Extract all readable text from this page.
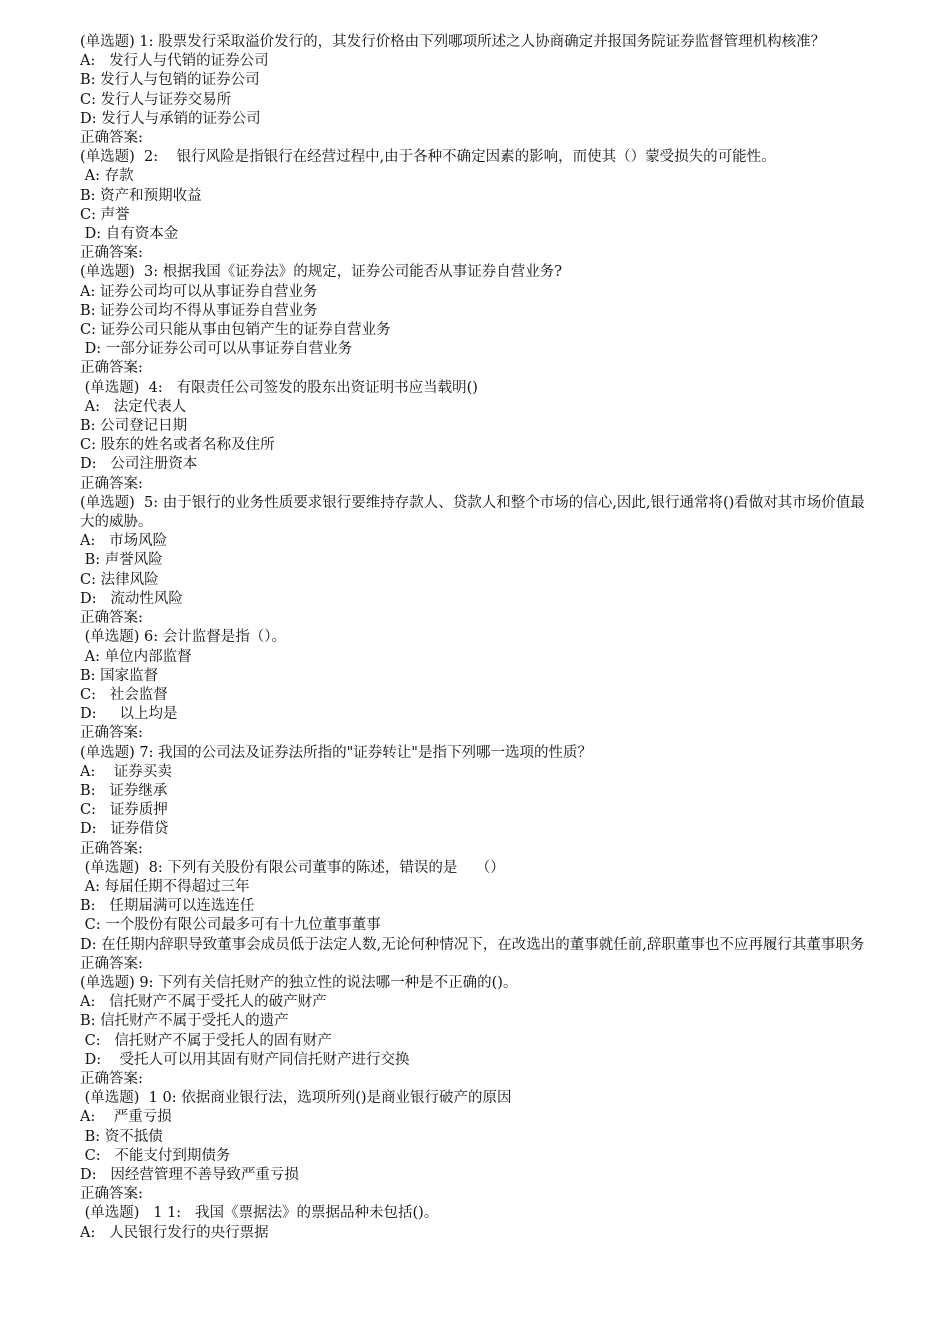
(单选题) 1: 股票发行采取溢价发行的，其发行价格由下列哪项所述之人协商确定并报国务院证券监督管理机构核准？
A:   发行人与代销的证券公司
B: 发行人与包销的证券公司
C: 发行人与证券交易所
D: 发行人与承销的证券公司
正确答案:
(单选题)  2:    银行风险是指银行在经营过程中,由于各种不确定因素的影响，而使其（）蒙受损失的可能性。
A: 存款
B: 资产和预期收益
C: 声誉
D: 自有资本金
正确答案:
(单选题)  3: 根据我国《证券法》的规定，证券公司能否从事证券自营业务?
A: 证券公司均可以从事证券自营业务
B: 证券公司均不得从事证券自营业务
C: 证券公司只能从事由包销产生的证券自营业务
D: 一部分证券公司可以从事证券自营业务
正确答案:
(单选题)  4:   有限责任公司签发的股东出资证明书应当载明()
A:   法定代表人
B: 公司登记日期
C: 股东的姓名或者名称及住所
D:   公司注册资本
正确答案:
(单选题)  5: 由于银行的业务性质要求银行要维持存款人、贷款人和整个市场的信心,因此,银行通常将()看做对其市场价值最大的威胁。
A:   市场风险
B: 声誉风险
C: 法律风险
D:   流动性风险
正确答案:
(单选题) 6: 会计监督是指（）。
A: 单位内部监督
B: 国家监督
C:   社会监督
D:     以上均是
正确答案:
(单选题) 7: 我国的公司法及证券法所指的"证券转让"是指下列哪一选项的性质？
A:    证券买卖
B:   证券继承
C:   证券质押
D:   证券借贷
正确答案:
(单选题)  8: 下列有关股份有限公司董事的陈述，错误的是    （）
A: 每届任期不得超过三年
B:   任期届满可以连选连任
C: 一个股份有限公司最多可有十九位董事董事
D: 在任期内辞职导致董事会成员低于法定人数,无论何种情况下，在改选出的董事就任前,辞职董事也不应再履行其董事职务
正确答案:
(单选题) 9: 下列有关信托财产的独立性的说法哪一种是不正确的()。
A:   信托财产不属于受托人的破产财产
B: 信托财产不属于受托人的遗产
C:   信托财产不属于受托人的固有财产
D:    受托人可以用其固有财产同信托财产进行交换
正确答案:
(单选题)  1 0: 依据商业银行法，选项所列()是商业银行破产的原因
A:    严重亏损
B: 资不抵债
C:   不能支付到期债务
D:   因经营管理不善导致严重亏损
正确答案:
(单选题)   1 1:   我国《票据法》的票据品种未包括()。
A:   人民银行发行的央行票据
